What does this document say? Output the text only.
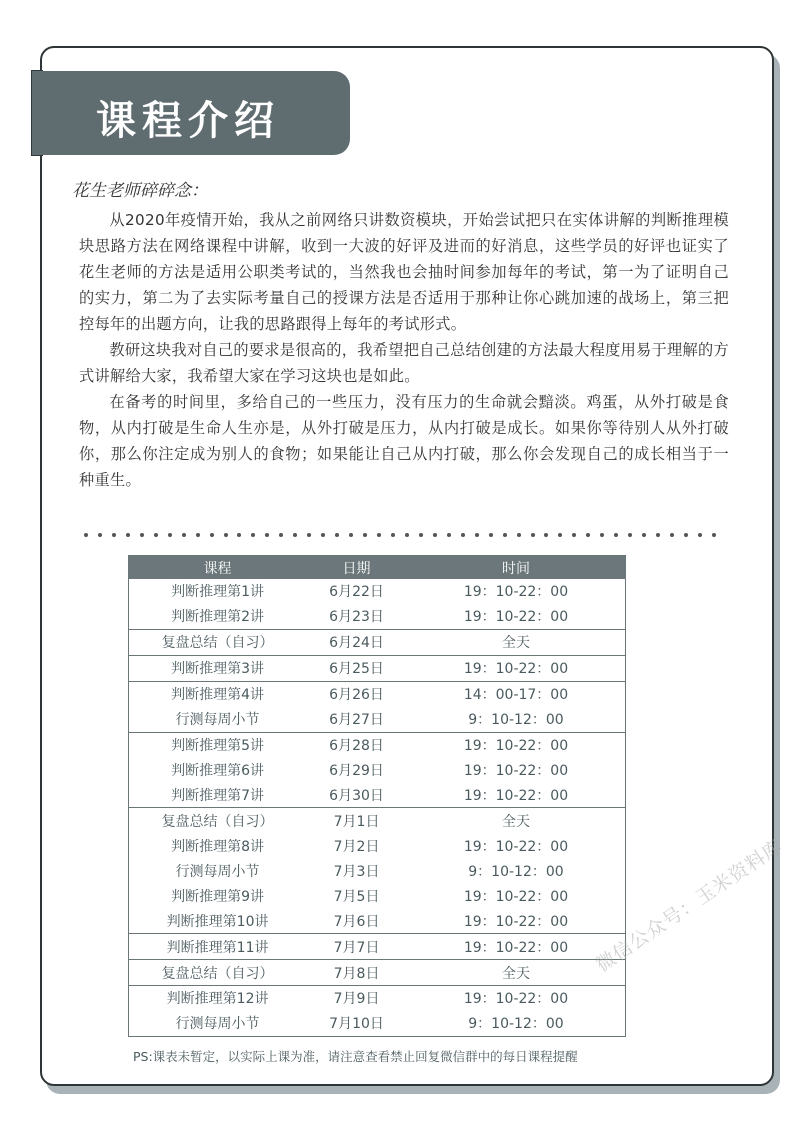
课程介绍
花生老师碎碎念：

从2020年疫情开始，我从之前网络只讲数资模块，开始尝试把只在实体讲解的判断推理模块思路方法在网络课程中讲解，收到一大波的好评及进而的好消息，这些学员的好评也证实了花生老师的方法是适用公职类考试的，当然我也会抽时间参加每年的考试，第一为了证明自己的实力，第二为了去实际考量自己的授课方法是否适用于那种让你心跳加速的战场上，第三把控每年的出题方向，让我的思路跟得上每年的考试形式。

教研这块我对自己的要求是很高的，我希望把自己总结创建的方法最大程度用易于理解的方式讲解给大家，我希望大家在学习这块也是如此。

在备考的时间里，多给自己的一些压力，没有压力的生命就会黯淡。鸡蛋，从外打破是食物，从内打破是生命人生亦是，从外打破是压力，从内打破是成长。如果你等待别人从外打破你，那么你注定成为别人的食物；如果能让自己从内打破，那么你会发现自己的成长相当于一种重生。

课程	日期	时间
判断推理第1讲	6月22日	19：10-22：00
判断推理第2讲	6月23日	19：10-22：00
复盘总结（自习）	6月24日	全天
判断推理第3讲	6月25日	19：10-22：00
判断推理第4讲	6月26日	14：00-17：00
行测每周小节	6月27日	9：10-12：00
判断推理第5讲	6月28日	19：10-22：00
判断推理第6讲	6月29日	19：10-22：00
判断推理第7讲	6月30日	19：10-22：00
复盘总结（自习）	7月1日	全天
判断推理第8讲	7月2日	19：10-22：00
行测每周小节	7月3日	9：10-12：00
判断推理第9讲	7月5日	19：10-22：00
判断推理第10讲	7月6日	19：10-22：00
判断推理第11讲	7月7日	19：10-22：00
复盘总结（自习）	7月8日	全天
判断推理第12讲	7月9日	19：10-22：00
行测每周小节	7月10日	9：10-12：00
PS:课表未暂定，以实际上课为准，请注意查看禁止回复微信群中的每日课程提醒
微信公众号：玉米资料库
